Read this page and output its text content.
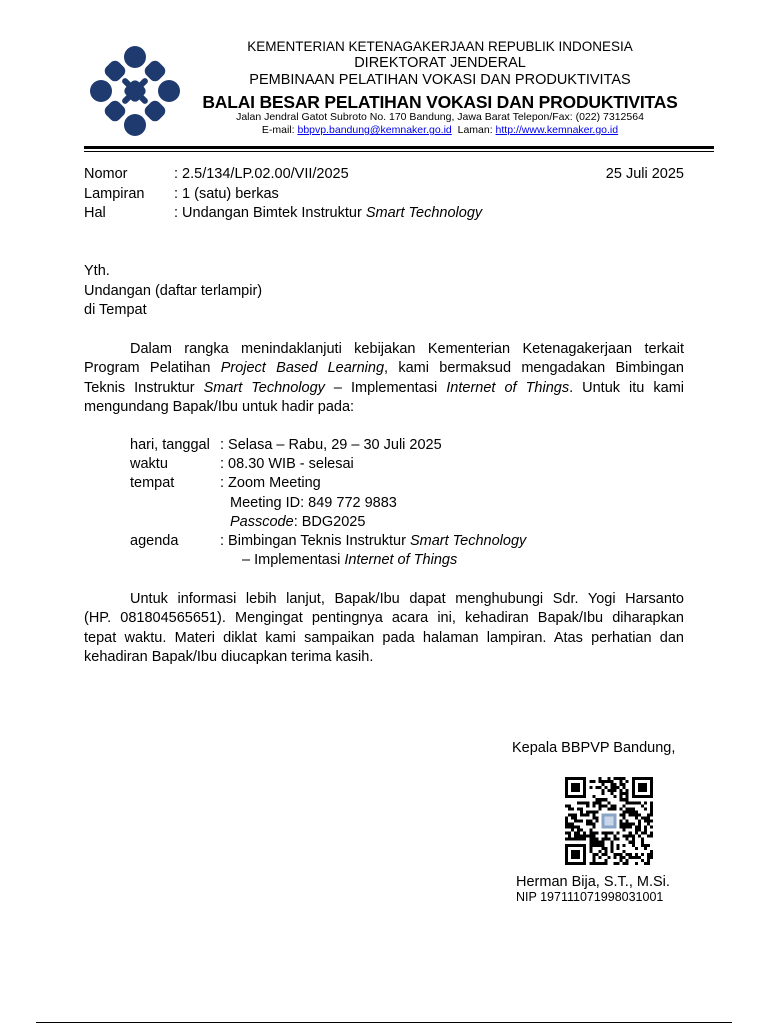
KEMENTERIAN KETENAGAKERJAAN REPUBLIK INDONESIA
DIREKTORAT JENDERAL
PEMBINAAN PELATIHAN VOKASI DAN PRODUKTIVITAS
BALAI BESAR PELATIHAN VOKASI DAN PRODUKTIVITAS
Jalan Jendral Gatot Subroto No. 170 Bandung, Jawa Barat Telepon/Fax: (022) 7312564
E-mail: bbpvp.bandung@kemnaker.go.id  Laman: http://www.kemnaker.go.id
Nomor	: 2.5/134/LP.02.00/VII/2025	25 Juli 2025
Lampiran : 1 (satu) berkas
Hal	: Undangan Bimtek Instruktur Smart Technology
Yth.
Undangan (daftar terlampir)
di Tempat
Dalam rangka menindaklanjuti kebijakan Kementerian Ketenagakerjaan terkait
Program Pelatihan Project Based Learning, kami bermaksud mengadakan Bimbingan
Teknis Instruktur Smart Technology – Implementasi Internet of Things. Untuk itu kami
mengundang Bapak/Ibu untuk hadir pada:
hari, tanggal : Selasa – Rabu, 29 – 30 Juli 2025
waktu	: 08.30 WIB - selesai
tempat	: Zoom Meeting
Meeting ID: 849 772 9883
Passcode: BDG2025
agenda	: Bimbingan Teknis Instruktur Smart Technology
– Implementasi Internet of Things
Untuk informasi lebih lanjut, Bapak/Ibu dapat menghubungi Sdr. Yogi Harsanto
(HP. 081804565651). Mengingat pentingnya acara ini, kehadiran Bapak/Ibu diharapkan
tepat waktu. Materi diklat kami sampaikan pada halaman lampiran. Atas perhatian dan
kehadiran Bapak/Ibu diucapkan terima kasih.
Kepala BBPVP Bandung,
Herman Bija, S.T., M.Si.
NIP 197111071998031001
